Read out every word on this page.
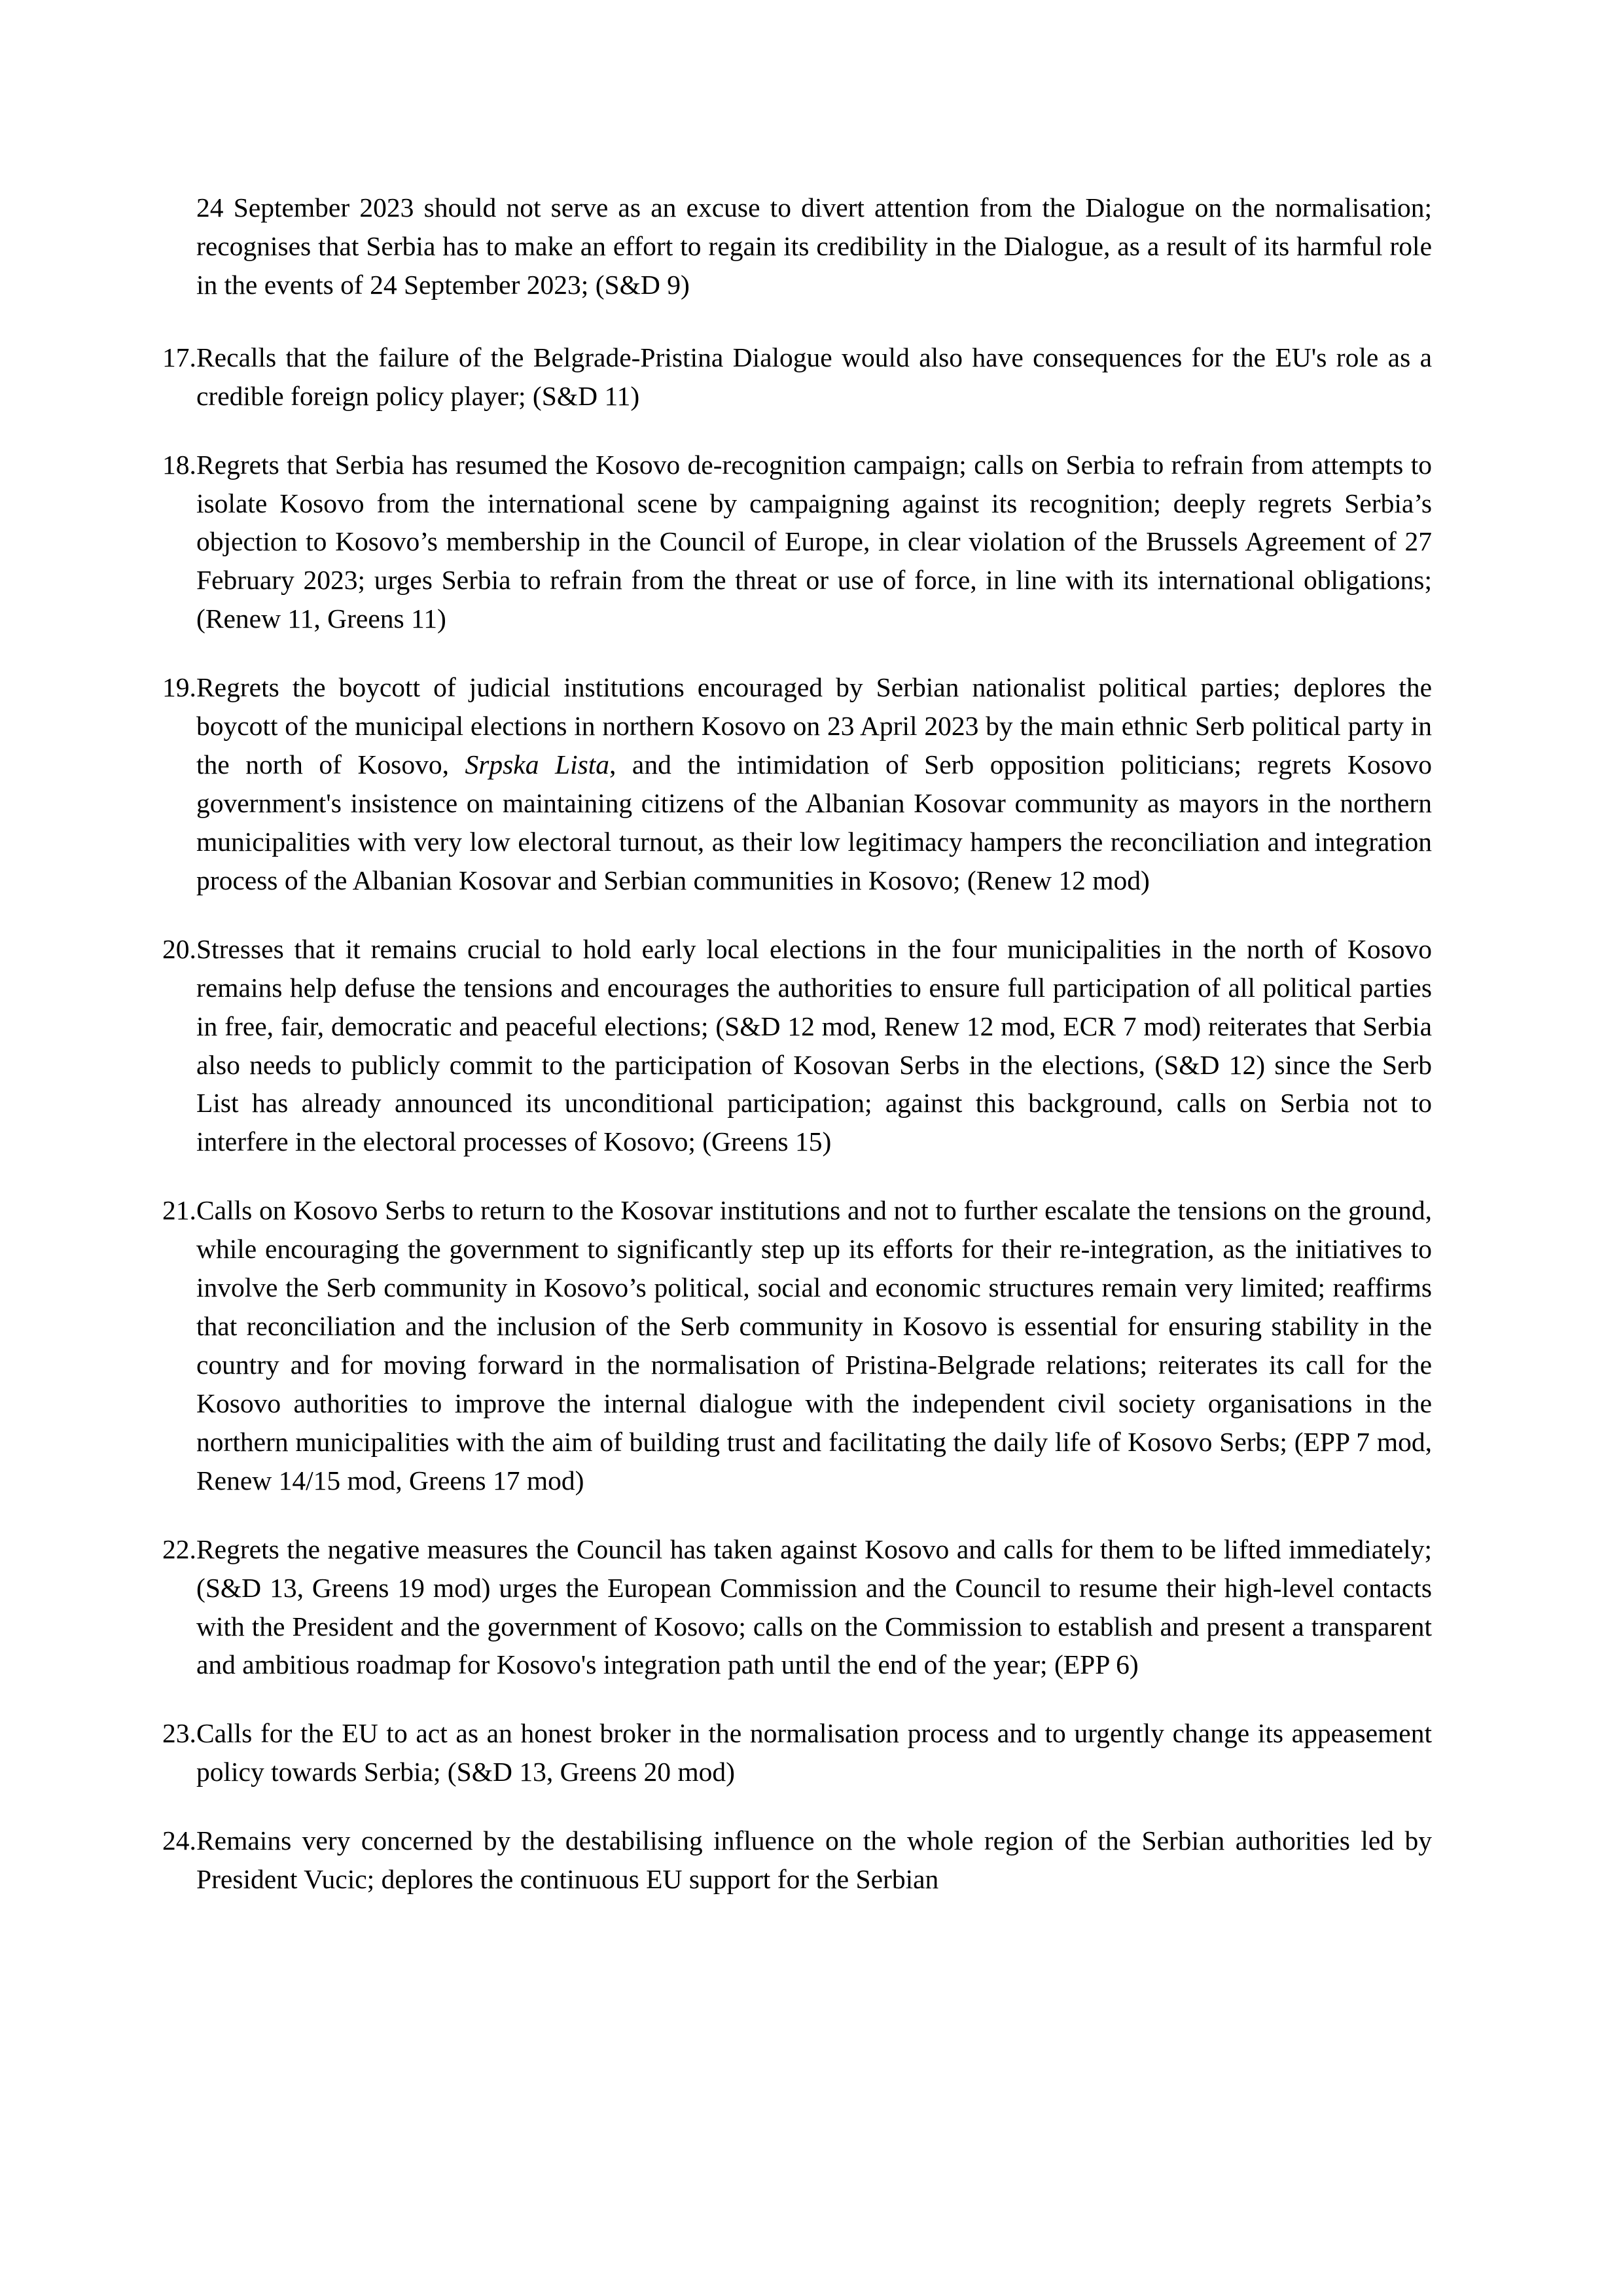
24 September 2023 should not serve as an excuse to divert attention from the Dialogue on the normalisation; recognises that Serbia has to make an effort to regain its credibility in the Dialogue, as a result of its harmful role in the events of 24 September 2023; (S&D 9)
17. Recalls that the failure of the Belgrade-Pristina Dialogue would also have consequences for the EU's role as a credible foreign policy player; (S&D 11)
18. Regrets that Serbia has resumed the Kosovo de-recognition campaign; calls on Serbia to refrain from attempts to isolate Kosovo from the international scene by campaigning against its recognition; deeply regrets Serbia’s objection to Kosovo’s membership in the Council of Europe, in clear violation of the Brussels Agreement of 27 February 2023; urges Serbia to refrain from the threat or use of force, in line with its international obligations; (Renew 11, Greens 11)
19. Regrets the boycott of judicial institutions encouraged by Serbian nationalist political parties; deplores the boycott of the municipal elections in northern Kosovo on 23 April 2023 by the main ethnic Serb political party in the north of Kosovo, Srpska Lista, and the intimidation of Serb opposition politicians; regrets Kosovo government's insistence on maintaining citizens of the Albanian Kosovar community as mayors in the northern municipalities with very low electoral turnout, as their low legitimacy hampers the reconciliation and integration process of the Albanian Kosovar and Serbian communities in Kosovo; (Renew 12 mod)
20. Stresses that it remains crucial to hold early local elections in the four municipalities in the north of Kosovo remains help defuse the tensions and encourages the authorities to ensure full participation of all political parties in free, fair, democratic and peaceful elections; (S&D 12 mod, Renew 12 mod, ECR 7 mod) reiterates that Serbia also needs to publicly commit to the participation of Kosovan Serbs in the elections, (S&D 12) since the Serb List has already announced its unconditional participation; against this background, calls on Serbia not to interfere in the electoral processes of Kosovo; (Greens 15)
21. Calls on Kosovo Serbs to return to the Kosovar institutions and not to further escalate the tensions on the ground, while encouraging the government to significantly step up its efforts for their re-integration, as the initiatives to involve the Serb community in Kosovo’s political, social and economic structures remain very limited; reaffirms that reconciliation and the inclusion of the Serb community in Kosovo is essential for ensuring stability in the country and for moving forward in the normalisation of Pristina-Belgrade relations; reiterates its call for the Kosovo authorities to improve the internal dialogue with the independent civil society organisations in the northern municipalities with the aim of building trust and facilitating the daily life of Kosovo Serbs; (EPP 7 mod, Renew 14/15 mod, Greens 17 mod)
22. Regrets the negative measures the Council has taken against Kosovo and calls for them to be lifted immediately; (S&D 13, Greens 19 mod) urges the European Commission and the Council to resume their high-level contacts with the President and the government of Kosovo; calls on the Commission to establish and present a transparent and ambitious roadmap for Kosovo's integration path until the end of the year; (EPP 6)
23. Calls for the EU to act as an honest broker in the normalisation process and to urgently change its appeasement policy towards Serbia; (S&D 13, Greens 20 mod)
24. Remains very concerned by the destabilising influence on the whole region of the Serbian authorities led by President Vucic; deplores the continuous EU support for the Serbian
